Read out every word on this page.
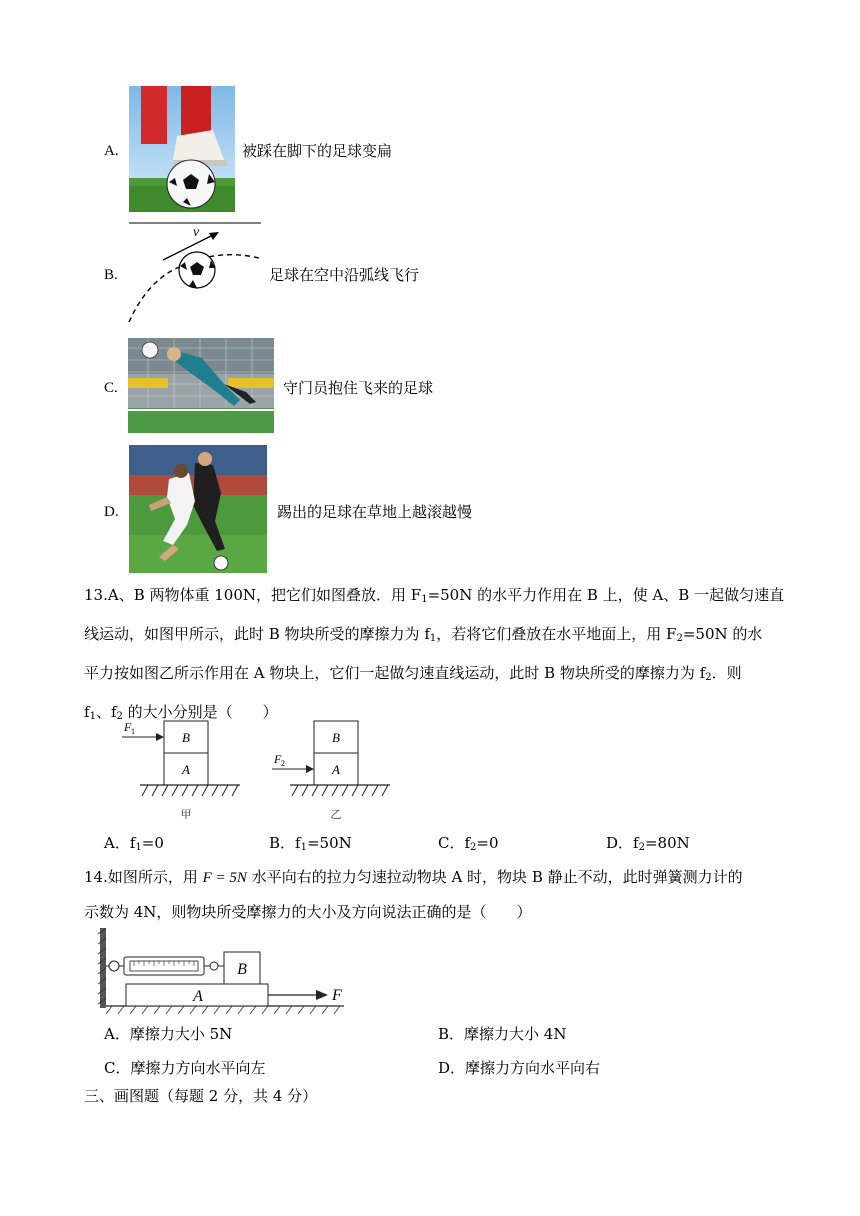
A.	被踩在脚下的足球变扁
B.
v
足球在空中沿弧线飞行
C.	守门员抱住飞来的足球
D.	踢出的足球在草地上越滚越慢
13.A、B 两物体重 100N，把它们如图叠放．用 $F_1=50N$ 的水平力作用在 B 上，使 A、B 一起做匀速直
线运动，如图甲所示，此时 B 物块所受的摩擦力为 $f_1$，若将它们叠放在水平地面上，用 $F_2=50N$ 的水
平力按如图乙所示作用在 A 物块上，它们一起做匀速直线运动，此时 B 物块所受的摩擦力为 $f_2$．则
$f_1$、$f_2$ 的大小分别是（　　）
B
A
F 1
甲
B
A
F 2
乙
A．$f_1=0$	B．$f_1=50N$	C．$f_2=0$	D．$f_2=80N$
14.如图所示，用 F = 5N 水平向右的拉力匀速拉动物块 A 时，物块 B 静止不动，此时弹簧测力计的
示数为 4N，则物块所受摩擦力的大小及方向说法正确的是（　　）
A
B
F
A．摩擦力大小 5N	B．摩擦力大小 4N
C．摩擦力方向水平向左	D．摩擦力方向水平向右
三、画图题（每题 2 分，共 4 分）
